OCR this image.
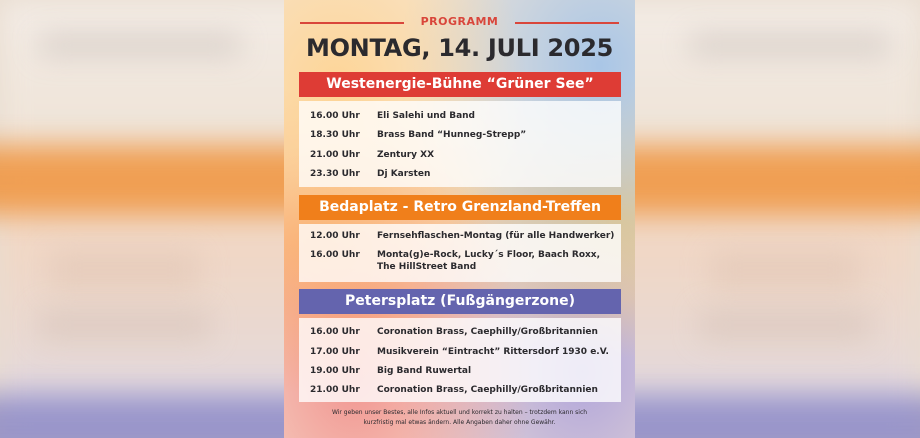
PROGRAMM
MONTAG, 14. JULI 2025
Westenergie-Bühne “Grüner See”
16.00 Uhr	Eli Salehi und Band
18.30 Uhr	Brass Band “Hunneg-Strepp”
21.00 Uhr	Zentury XX
23.30 Uhr	Dj Karsten
Bedaplatz - Retro Grenzland-Treffen
12.00 Uhr	Fernsehflaschen-Montag (für alle Handwerker)
16.00 Uhr	Monta(g)e-Rock, Lucky´s Floor, Baach Roxx,
The HillStreet Band
Petersplatz (Fußgängerzone)
16.00 Uhr	Coronation Brass, Caephilly/Großbritannien
17.00 Uhr	Musikverein “Eintracht” Rittersdorf 1930 e.V.
19.00 Uhr	Big Band Ruwertal
21.00 Uhr	Coronation Brass, Caephilly/Großbritannien
Wir geben unser Bestes, alle Infos aktuell und korrekt zu halten – trotzdem kann sich
kurzfristig mal etwas ändern. Alle Angaben daher ohne Gewähr.
